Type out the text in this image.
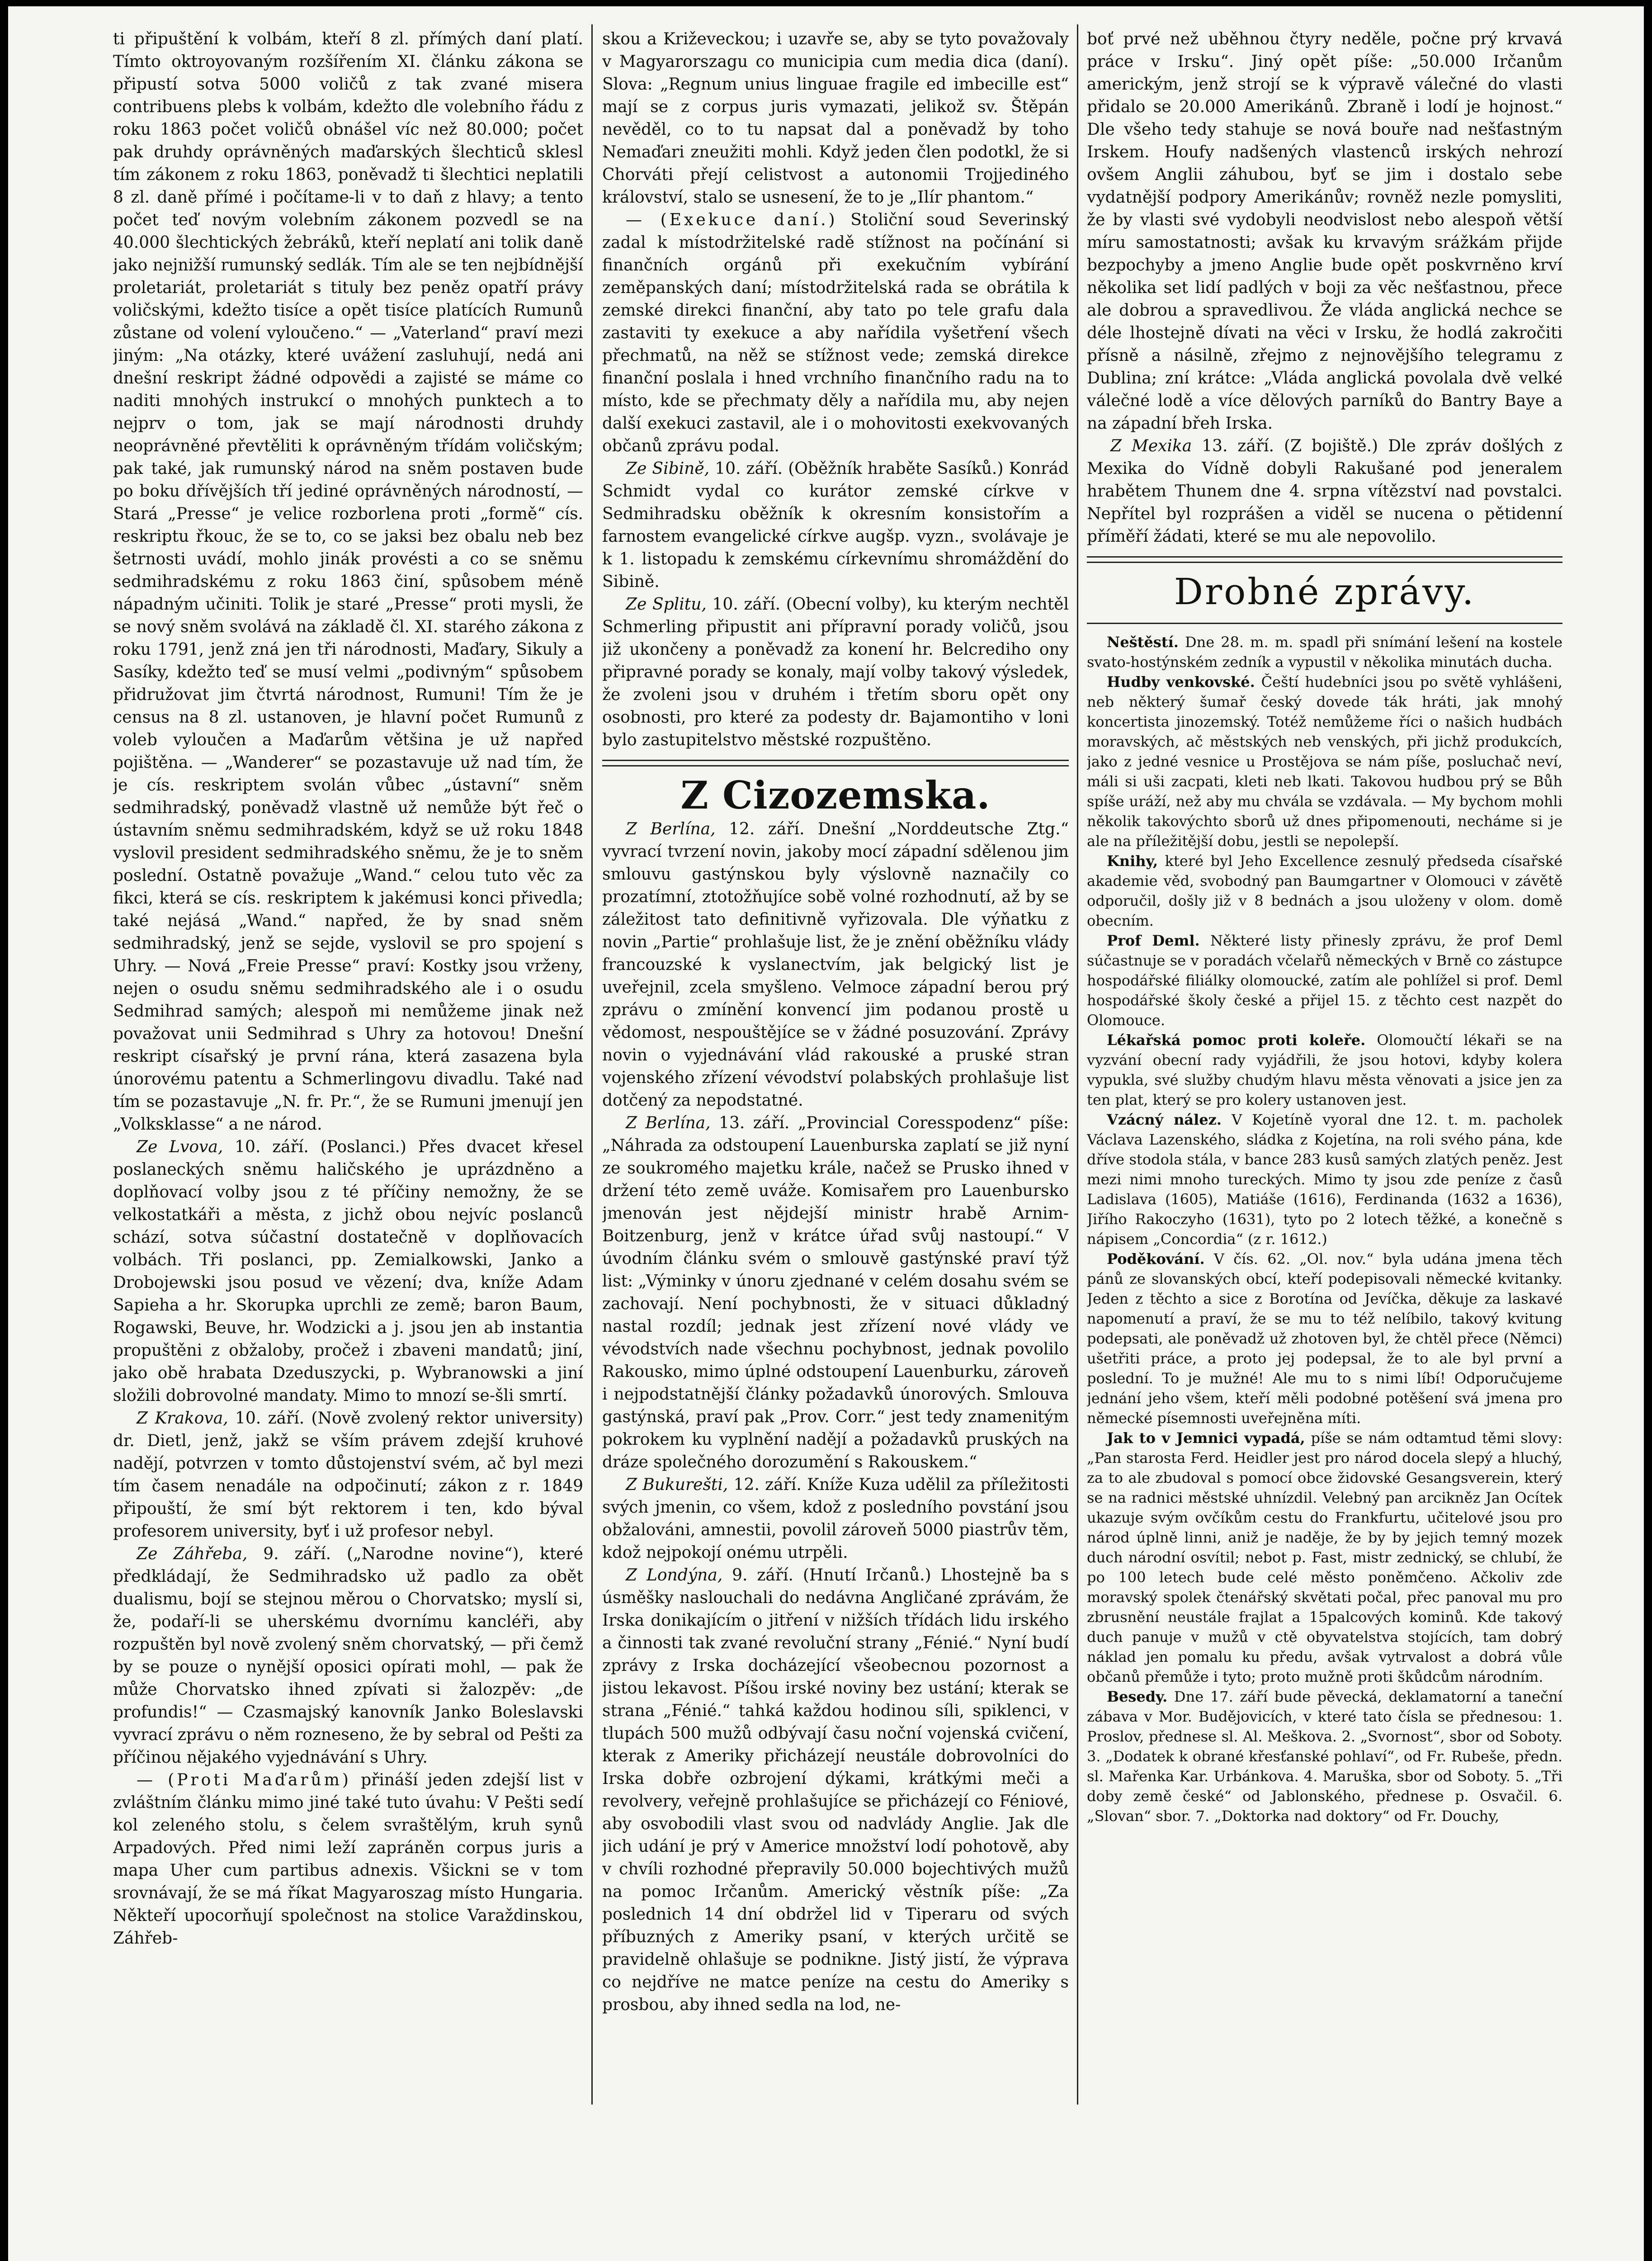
ti připuštění k volbám, kteří 8 zl. přímých daní platí. Tímto oktroyovaným rozšířením XI. článku zákona se připustí sotva 5000 voličů z tak zvané misera contribuens plebs k volbám, kdežto dle volebního řádu z roku 1863 počet voličů obnášel víc než 80.000; počet pak druhdy oprávněných maďarských šlechticů sklesl tím zákonem z roku 1863, poněvadž ti šlechtici neplatili 8 zl. daně přímé i počítame-li v to daň z hlavy; a tento počet teď novým volebním zákonem pozvedl se na 40.000 šlechtických žebráků, kteří neplatí ani tolik daně jako nejnižší rumunský sedlák. Tím ale se ten nejbídnější proletariát, proletariát s tituly bez peněz opatří právy voličskými, kdežto tisíce a opět tisíce platících Rumunů zůstane od volení vyloučeno.“ — „Vaterland“ praví mezi jiným: „Na otázky, které uvážení zasluhují, nedá ani dnešní reskript žádné odpovědi a zajisté se máme co naditi mnohých instrukcí o mnohých punktech a to nejprv o tom, jak se mají národnosti druhdy neoprávněné převtěliti k oprávněným třídám voličským; pak také, jak rumunský národ na sněm postaven bude po boku dřívějších tří jediné oprávněných národností, — Stará „Presse“ je velice rozborlena proti „formě“ cís. reskriptu řkouc, že se to, co se jaksi bez obalu neb bez šetrnosti uvádí, mohlo jinák provésti a co se sněmu sedmihradskému z roku 1863 činí, spůsobem méně nápadným učiniti. Tolik je staré „Presse“ proti mysli, že se nový sněm svolává na základě čl. XI. starého zákona z roku 1791, jenž zná jen tři národnosti, Maďary, Sikuly a Sasíky, kdežto teď se musí velmi „podivným“ spůsobem přidružovat jim čtvrtá národnost, Rumuni! Tím že je census na 8 zl. ustanoven, je hlavní počet Rumunů z voleb vyloučen a Maďarům většina je už napřed pojištěna. — „Wanderer“ se pozastavuje už nad tím, že je cís. reskriptem svolán vůbec „ústavní“ sněm sedmihradský, poněvadž vlastně už nemůže být řeč o ústavním sněmu sedmihradském, když se už roku 1848 vyslovil president sedmihradského sněmu, že je to sněm poslední. Ostatně považuje „Wand.“ celou tuto věc za fikci, která se cís. reskriptem k jakémusi konci přivedla; také nejásá „Wand.“ napřed, že by snad sněm sedmihradský, jenž se sejde, vyslovil se pro spojení s Uhry. — Nová „Freie Presse“ praví: Kostky jsou vrženy, nejen o osudu sněmu sedmihradského ale i o osudu Sedmihrad samých; alespoň mi nemůžeme jinak než považovat unii Sedmihrad s Uhry za hotovou! Dnešní reskript císařský je první rána, která zasazena byla únorovému patentu a Schmerlingovu divadlu. Také nad tím se pozastavuje „N. fr. Pr.“, že se Rumuni jmenují jen „Volksklasse“ a ne národ.

Ze Lvova, 10. září. (Poslanci.) Přes dvacet křesel poslaneckých sněmu haličského je uprázdněno a doplňovací volby jsou z té příčiny nemožny, že se velkostatkáři a města, z jichž obou nejvíc poslanců schází, sotva súčastní dostatečně v doplňovacích volbách. Tři poslanci, pp. Zemialkowski, Janko a Drobojewski jsou posud ve vězení; dva, kníže Adam Sapieha a hr. Skorupka uprchli ze země; baron Baum, Rogawski, Beuve, hr. Wodzicki a j. jsou jen ab instantia propuštěni z obžaloby, pročež i zbaveni mandatů; jiní, jako obě hrabata Dzeduszycki, p. Wybranowski a jiní složili dobrovolné mandaty. Mimo to mnozí se-šli smrtí.

Z Krakova, 10. září. (Nově zvolený rektor university) dr. Dietl, jenž, jakž se vším právem zdejší kruhové nadějí, potvrzen v tomto důstojenství svém, ač byl mezi tím časem nenadále na odpočinutí; zákon z r. 1849 připouští, že smí být rektorem i ten, kdo býval profesorem university, byť i už profesor nebyl.

Ze Záhřeba, 9. září. („Narodne novine“), které předkládají, že Sedmihradsko už padlo za obět dualismu, bojí se stejnou měrou o Chorvatsko; myslí si, že, podaří-li se uherskému dvornímu kancléři, aby rozpuštěn byl nově zvolený sněm chorvatský, — při čemž by se pouze o nynější oposici opírati mohl, — pak že může Chorvatsko ihned zpívati si žalozpěv: „de profundis!“ — Czasmajský kanovník Janko Boleslavski vyvrací zprávu o něm rozneseno, že by sebral od Pešti za příčinou nějakého vyjednávání s Uhry.

— (Proti Maďarům) přináší jeden zdejší list v zvláštním článku mimo jiné také tuto úvahu: V Pešti sedí kol zeleného stolu, s čelem svraštělým, kruh synů Arpadových. Před nimi leží zapráněn corpus juris a mapa Uher cum partibus adnexis. Všickni se v tom srovnávají, že se má říkat Magyaroszag místo Hungaria. Někteří upocorňují společnost na stolice Varaždinskou, Záhřeb-

skou a Križeveckou; i uzavře se, aby se tyto považovaly v Magyarorszagu co municipia cum media dica (daní). Slova: „Regnum unius linguae fragile ed imbecille est“ mají se z corpus juris vymazati, jelikož sv. Štěpán nevěděl, co to tu napsat dal a poněvadž by toho Nemaďari zneužiti mohli. Když jeden člen podotkl, že si Chorváti přejí celistvost a autonomii Trojjediného království, stalo se usnesení, že to je „Ilír phantom.“

— (Exekuce daní.) Stoliční soud Severinský zadal k místodržitelské radě stížnost na počínání si finančních orgánů při exekučním vybírání zeměpanských daní; místodržitelská rada se obrátila k zemské direkci finanční, aby tato po tele grafu dala zastaviti ty exekuce a aby nařídila vyšetření všech přechmatů, na něž se stížnost vede; zemská direkce finanční poslala i hned vrchního finančního radu na to místo, kde se přechmaty děly a nařídila mu, aby nejen další exekuci zastavil, ale i o mohovitosti exekvovaných občanů zprávu podal.

Ze Sibině, 10. září. (Oběžník hraběte Sasíků.) Konrád Schmidt vydal co kurátor zemské církve v Sedmihradsku oběžník k okresním konsistořím a farnostem evangelické církve augšp. vyzn., svolávaje je k 1. listopadu k zemskému církevnímu shromáždění do Sibině.

Ze Splitu, 10. září. (Obecní volby), ku kterým nechtěl Schmerling připustit ani přípravní porady voličů, jsou již ukončeny a poněvadž za konení hr. Belcrediho ony připravné porady se konaly, mají volby takový výsledek, že zvoleni jsou v druhém i třetím sboru opět ony osobnosti, pro které za podesty dr. Bajamontiho v loni bylo zastupitelstvo městské rozpuštěno.

Z Cizozemska.

Z Berlína, 12. září. Dnešní „Norddeutsche Ztg.“ vyvrací tvrzení novin, jakoby mocí západní sdělenou jim smlouvu gastýnskou byly výslovně naznačily co prozatímní, ztotožňujíce sobě volné rozhodnutí, až by se záležitost tato definitivně vyřizovala. Dle výňatku z novin „Partie“ prohlašuje list, že je znění oběžníku vlády francouzské k vyslanectvím, jak belgický list je uveřejnil, zcela smyšleno. Velmoce západní berou prý zprávu o zmínění konvencí jim podanou prostě u vědomost, nespouštějíce se v žádné posuzování. Zprávy novin o vyjednávání vlád rakouské a pruské stran vojenského zřízení vévodství polabských prohlašuje list dotčený za nepodstatné.

Z Berlína, 13. září. „Provincial Coresspodenz“ píše: „Náhrada za odstoupení Lauenburska zaplatí se již nyní ze soukromého majetku krále, načež se Prusko ihned v držení této země uváže. Komisařem pro Lauenbursko jmenován jest nějdejší ministr hrabě Arnim-Boitzenburg, jenž v krátce úřad svůj nastoupí.“ V úvodním článku svém o smlouvě gastýnské praví týž list: „Výminky v únoru zjednané v celém dosahu svém se zachovají. Není pochybnosti, že v situaci důkladný nastal rozdíl; jednak jest zřízení nové vlády ve vévodstvích nade všechnu pochybnost, jednak povolilo Rakousko, mimo úplné odstoupení Lauenburku, zároveň i nejpodstatnější články požadavků únorových. Smlouva gastýnská, praví pak „Prov. Corr.“ jest tedy znamenitým pokrokem ku vyplnění nadějí a požadavků pruských na dráze společného dorozumění s Rakouskem.“

Z Bukurešti, 12. září. Kníže Kuza udělil za příležitosti svých jmenin, co všem, kdož z posledního povstání jsou obžalováni, amnestii, povolil zároveň 5000 piastrův těm, kdož nejpokojí onému utrpěli.

Z Londýna, 9. září. (Hnutí Irčanů.) Lhostejně ba s úsměšky naslouchali do nedávna Angličané zprávám, že Irska donikajícím o jitření v nižších třídách lidu irského a činnosti tak zvané revoluční strany „Fénié.“ Nyní budí zprávy z Irska docházející všeobecnou pozornost a jistou lekavost. Píšou irské noviny bez ustání; kterak se strana „Fénié.“ tahká každou hodinou síli, spiklenci, v tlupách 500 mužů odbývají času noční vojenská cvičení, kterak z Ameriky přicházejí neustále dobrovolníci do Irska dobře ozbrojení dýkami, krátkými meči a revolvery, veřejně prohlašujíce se přicházejí co Féniové, aby osvobodili vlast svou od nadvlády Anglie. Jak dle jich udání je prý v Americe množství lodí pohotově, aby v chvíli rozhodné přepravily 50.000 bojechtivých mužů na pomoc Irčanům. Americký věstník píše: „Za poslednich 14 dní obdržel lid v Tiperaru od svých příbuzných z Ameriky psaní, v kterých určitě se pravidelně ohlašuje se podnikne. Jistý jistí, že výprava co nejdříve ne matce peníze na cestu do Ameriky s prosbou, aby ihned sedla na lod, ne-

boť prvé než uběhnou čtyry neděle, počne prý krvavá práce v Irsku“. Jiný opět píše: „50.000 Irčanům americkým, jenž strojí se k výpravě válečné do vlasti přidalo se 20.000 Amerikánů. Zbraně i lodí je hojnost.“ Dle všeho tedy stahuje se nová bouře nad nešťastným Irskem. Houfy nadšených vlastenců irských nehrozí ovšem Anglii záhubou, byť se jim i dostalo sebe vydatnější podpory Amerikánův; rovněž nezle pomysliti, že by vlasti své vydobyli neodvislost nebo alespoň větší míru samostatnosti; avšak ku krvavým srážkám přijde bezpochyby a jmeno Anglie bude opět poskvrněno krví několika set lidí padlých v boji za věc nešťastnou, přece ale dobrou a spravedlivou. Že vláda anglická nechce se déle lhostejně dívati na věci v Irsku, že hodlá zakročiti přísně a násilně, zřejmo z nejnovějšího telegramu z Dublina; zní krátce: „Vláda anglická povolala dvě velké válečné lodě a více dělových parníků do Bantry Baye a na západní břeh Irska.

Z Mexika 13. září. (Z bojiště.) Dle zpráv došlých z Mexika do Vídně dobyli Rakušané pod jeneralem hrabětem Thunem dne 4. srpna vítězství nad povstalci. Nepřítel byl rozprášen a viděl se nucena o pětidenní příměří žádati, které se mu ale nepovolilo.

Drobné zprávy.

Neštěstí. Dne 28. m. m. spadl při snímání lešení na kostele svato-hostýnském zedník a vypustil v několika minutách ducha.

Hudby venkovské. Čeští hudebníci jsou po světě vyhlášeni, neb některý šumař český dovede ták hráti, jak mnohý koncertista jinozemský. Totéž nemůžeme říci o našich hudbách moravských, ač městských neb venských, při jichž produkcích, jako z jedné vesnice u Prostějova se nám píše, posluchač neví, máli si uši zacpati, kleti neb lkati. Takovou hudbou prý se Bůh spíše uráží, než aby mu chvála se vzdávala. — My bychom mohli několik takovýchto sborů už dnes připomenouti, necháme si je ale na příležitější dobu, jestli se nepolepší.

Knihy, které byl Jeho Excellence zesnulý předseda císařské akademie věd, svobodný pan Baumgartner v Olomouci v závětě odporučil, došly již v 8 bednách a jsou uloženy v olom. domě obecním.

Prof Deml. Některé listy přinesly zprávu, že prof Deml súčastnuje se v poradách včelařů německých v Brně co zástupce hospodářské filiálky olomoucké, zatím ale pohlížel si prof. Deml hospodářské školy české a přijel 15. z těchto cest nazpět do Olomouce.

Lékařská pomoc proti koleře. Olomoučtí lékaři se na vyzvání obecní rady vyjádřili, že jsou hotovi, kdyby kolera vypukla, své služby chudým hlavu města věnovati a jsice jen za ten plat, který se pro kolery ustanoven jest.

Vzácný nález. V Kojetíně vyoral dne 12. t. m. pacholek Václava Lazenského, sládka z Kojetína, na roli svého pána, kde dříve stodola stála, v bance 283 kusů samých zlatých peněz. Jest mezi nimi mnoho tureckých. Mimo ty jsou zde peníze z časů Ladislava (1605), Matiáše (1616), Ferdinanda (1632 a 1636), Jiřího Rakoczyho (1631), tyto po 2 lotech těžké, a konečně s nápisem „Concordia“ (z r. 1612.)

Poděkování. V čís. 62. „Ol. nov.“ byla udána jmena těch pánů ze slovanských obcí, kteří podepisovali německé kvitanky. Jeden z těchto a sice z Borotína od Jevíčka, děkuje za laskavé napomenutí a praví, že se mu to též nelíbilo, takový kvitung podepsati, ale poněvadž už zhotoven byl, že chtěl přece (Němci) ušetřiti práce, a proto jej podepsal, že to ale byl první a poslední. To je mužné! Ale mu to s nimi líbí! Odporučujeme jednání jeho všem, kteří měli podobné potěšení svá jmena pro německé písemnosti uveřejněna míti.

Jak to v Jemnici vypadá, píše se nám odtamtud těmi slovy: „Pan starosta Ferd. Heidler jest pro národ docela slepý a hluchý, za to ale zbudoval s pomocí obce židovské Gesangsverein, který se na radnici městské uhnízdil. Velebný pan arcikněz Jan Ocítek ukazuje svým ovčíkům cestu do Frankfurtu, učitelové jsou pro národ úplně linni, aniž je naděje, že by by jejich temný mozek duch národní osvítil; nebot p. Fast, mistr zednický, se chlubí, že po 100 letech bude celé město poněmčeno. Ačkoliv zde moravský spolek čtenářský skvětati počal, přec panoval mu pro zbrusnění neustále frajlat a 15palcových kominů. Kde takový duch panuje v mužů v ctě obyvatelstva stojících, tam dobrý náklad jen pomalu ku předu, avšak vytrvalost a dobrá vůle občanů přemůže i tyto; proto mužně proti škůdcům národním.

Besedy. Dne 17. září bude pěvecká, deklamatorní a taneční zábava v Mor. Budějovicích, v které tato čísla se přednesou: 1. Proslov, přednese sl. Al. Meškova. 2. „Svornost“, sbor od Soboty. 3. „Dodatek k obrané křesťanské pohlaví“, od Fr. Rubeše, předn. sl. Mařenka Kar. Urbánkova. 4. Maruška, sbor od Soboty. 5. „Tři doby země české“ od Jablonského, přednese p. Osvačil. 6. „Slovan“ sbor. 7. „Doktorka nad doktory“ od Fr. Douchy,
